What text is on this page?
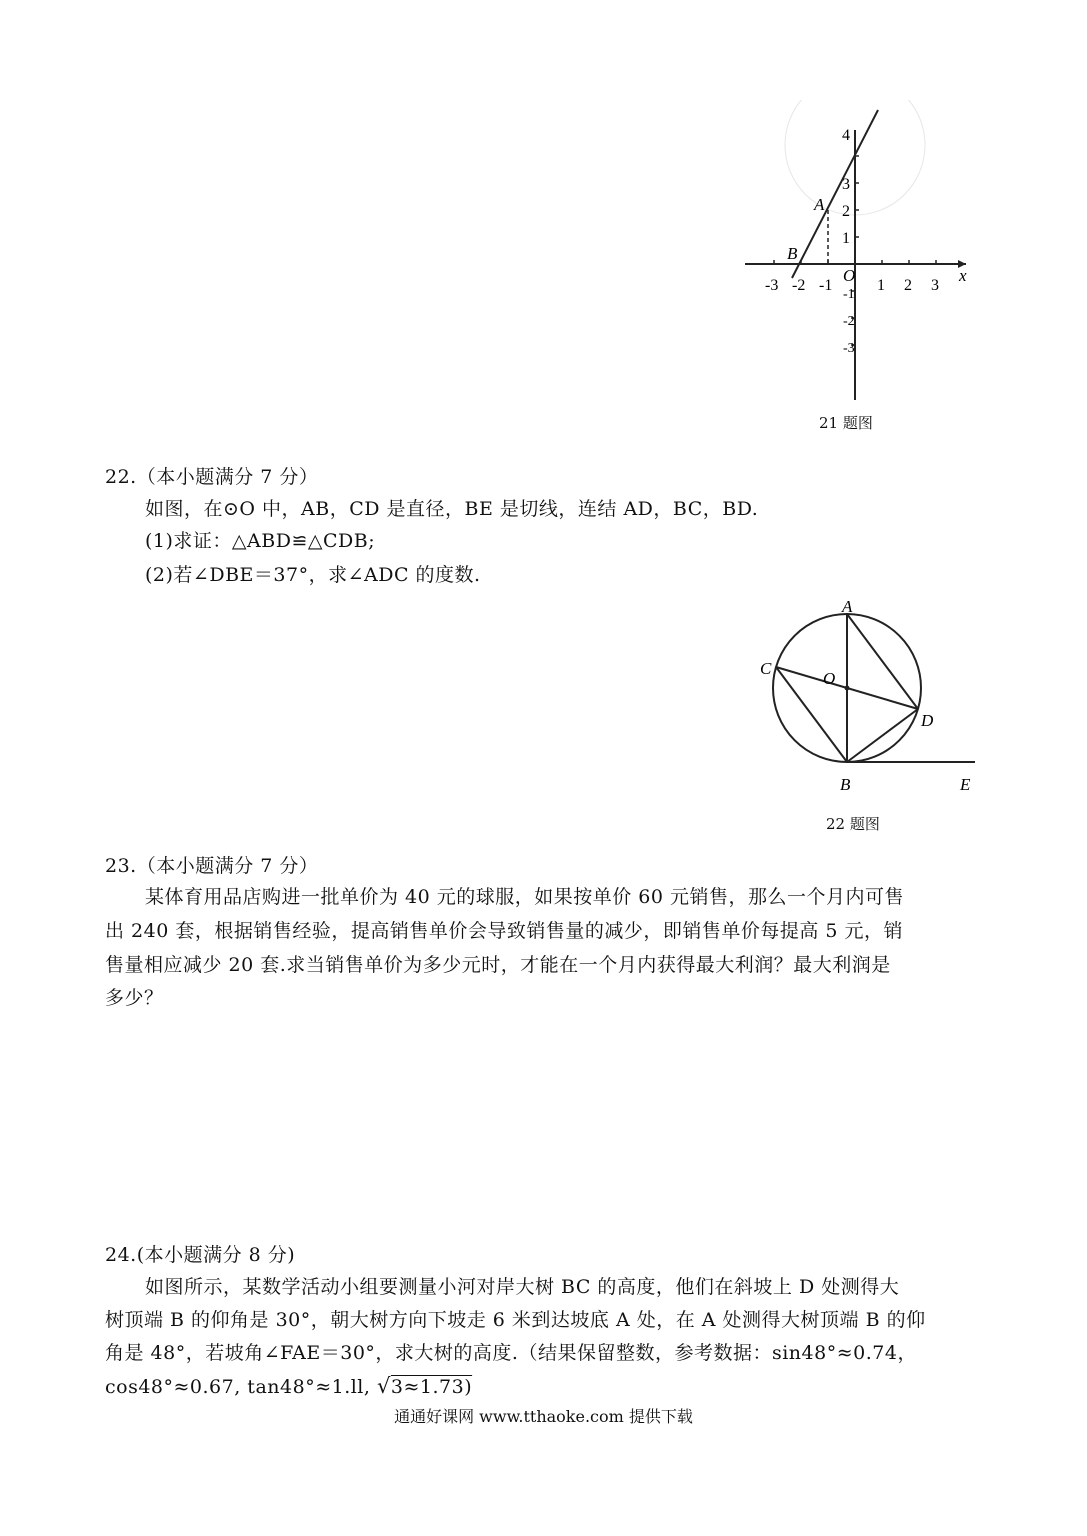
x
O
A
B
-3 -2 -1	1 2 3
1
2
3
4
-1
-2
-3
21 题图
22.（本小题满分 7 分）
如图，在⊙O 中，AB，CD 是直径，BE 是切线，连结 AD，BC，BD.
(1)求证：△ABD≌△CDB;
(2)若∠DBE＝37°，求∠ADC 的度数.
A
B
C
D
E
O
22 题图
23.（本小题满分 7 分）
某体育用品店购进一批单价为 40 元的球服，如果按单价 60 元销售，那么一个月内可售
出 240 套，根据销售经验，提高销售单价会导致销售量的减少，即销售单价每提高 5 元，销
售量相应减少 20 套.求当销售单价为多少元时，才能在一个月内获得最大利润？最大利润是
多少？
24.(本小题满分 8 分)
如图所示，某数学活动小组要测量小河对岸大树 BC 的高度，他们在斜坡上 D 处测得大
树顶端 B 的仰角是 30°，朝大树方向下坡走 6 米到达坡底 A 处，在 A 处测得大树顶端 B 的仰
角是 48°，若坡角∠FAE＝30°，求大树的高度.（结果保留整数，参考数据：sin48°≈0.74，
cos48°≈0.67, tan48°≈1.ll, √3≈1.73)
通通好课网 www.tthaoke.com 提供下载
